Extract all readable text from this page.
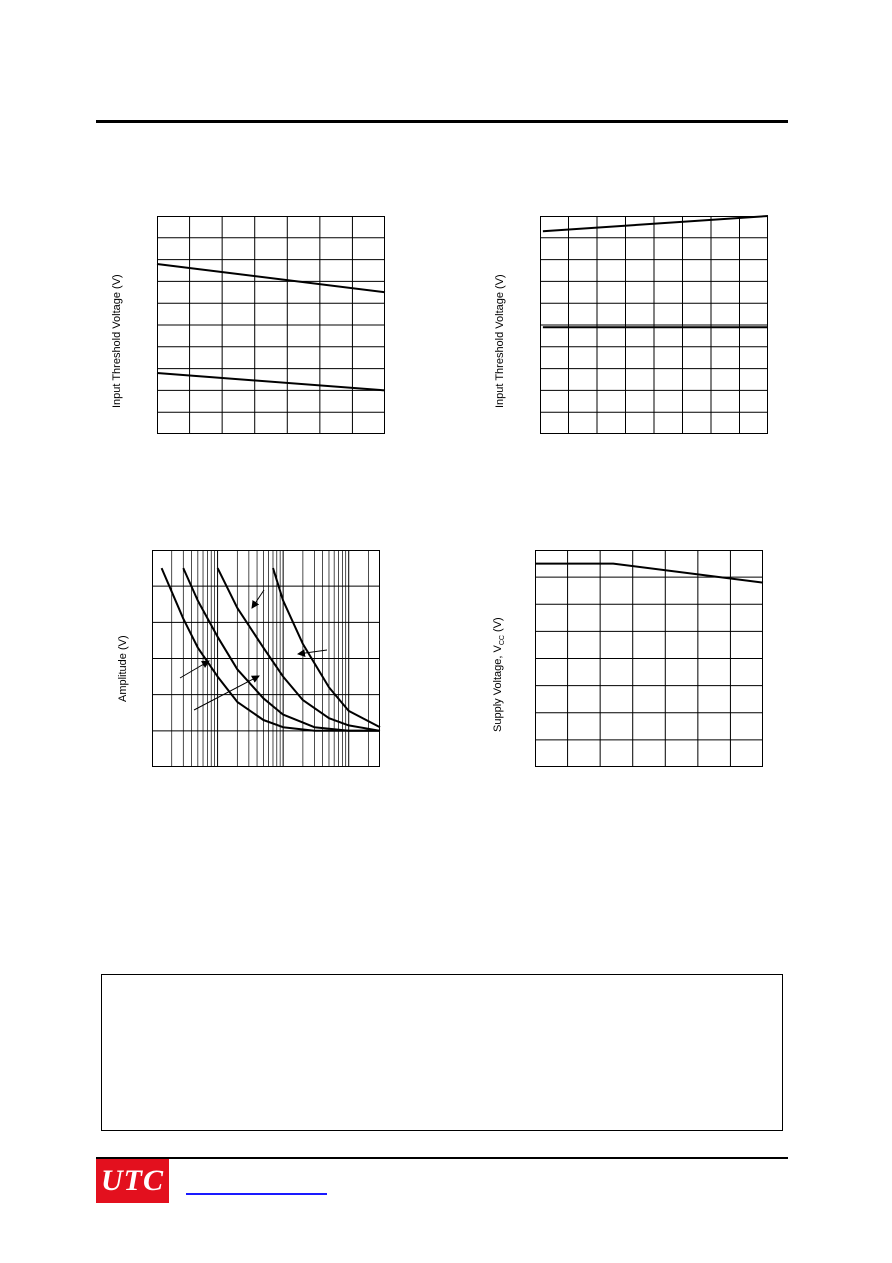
Input Threshold Voltage (V)	Input Threshold Voltage (V)
Amplitude (V)	Supply Voltage, $V_{CC}$ (V)
UTC
